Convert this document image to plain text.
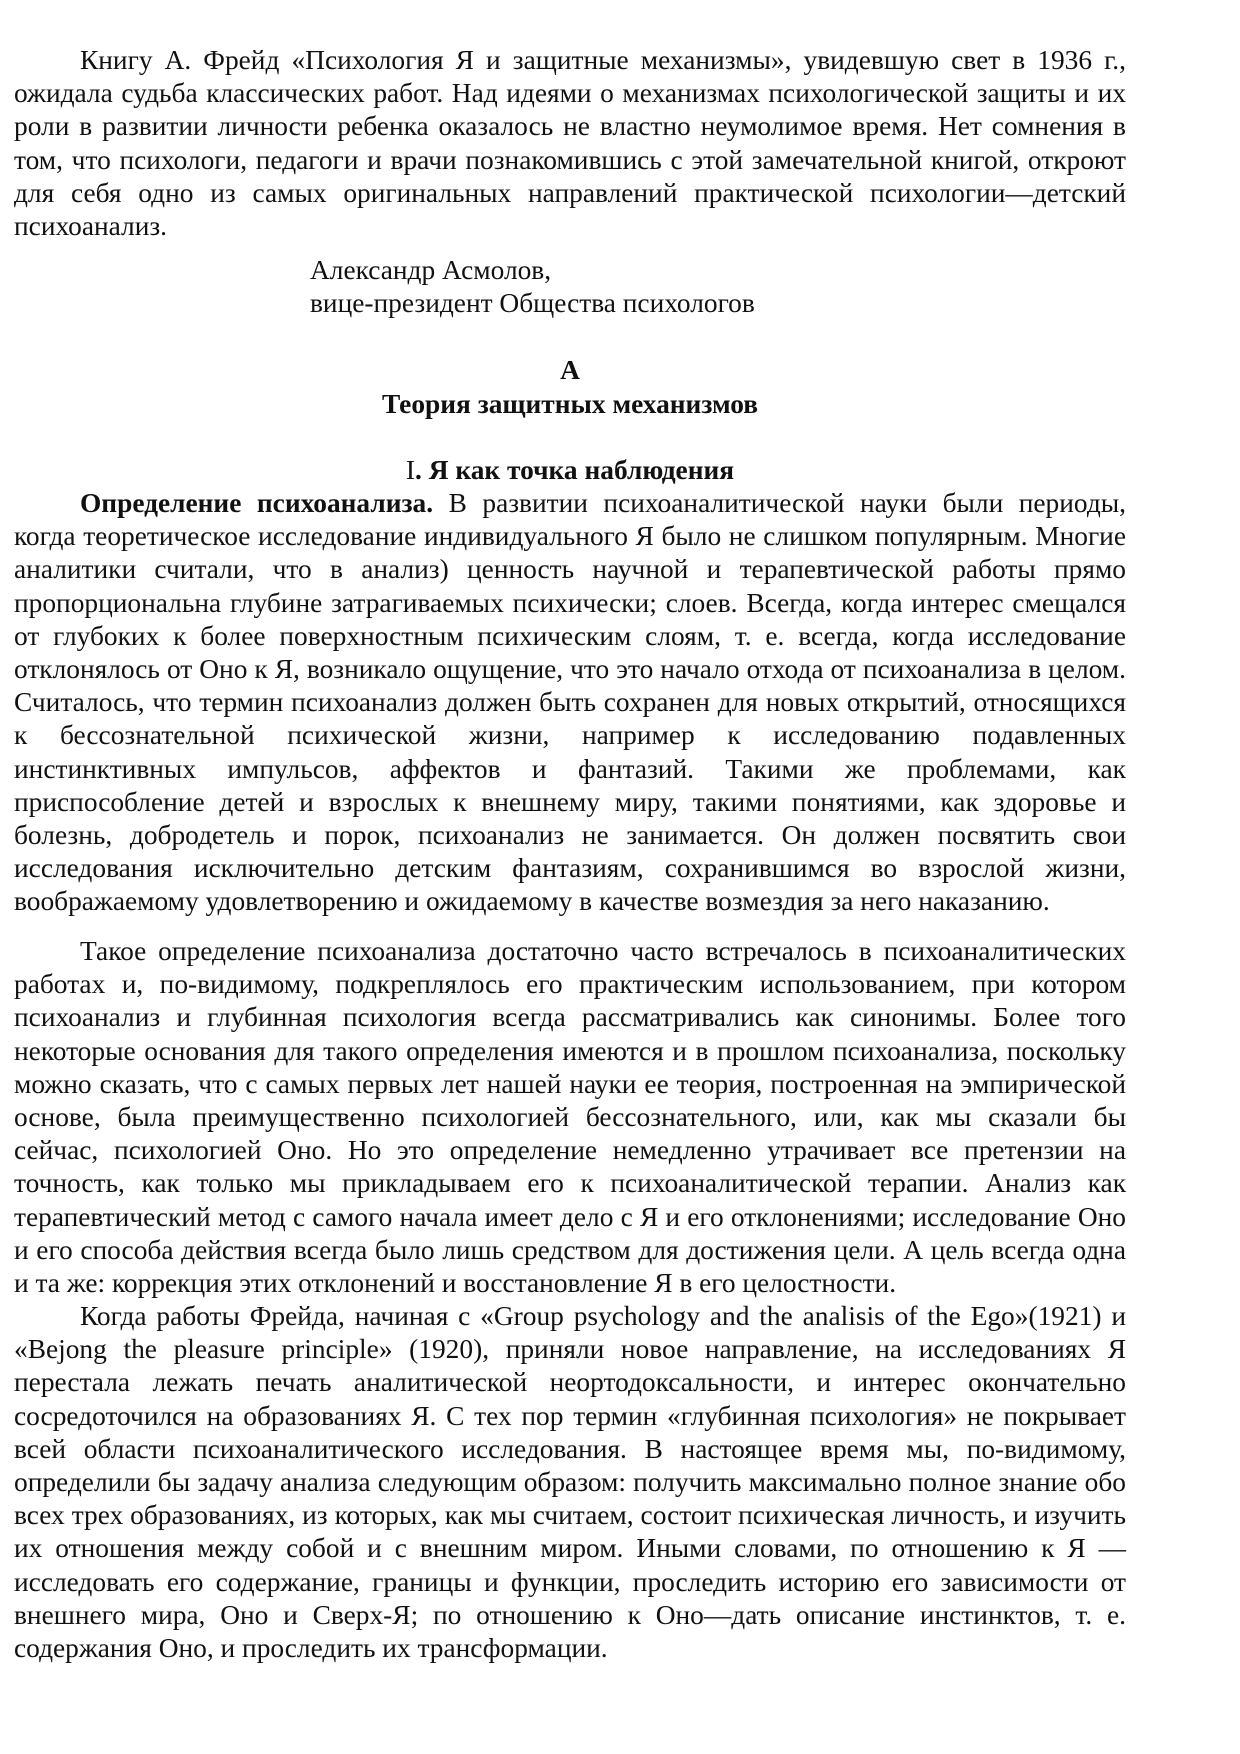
Книгу А. Фрейд «Психология Я и защитные механизмы», увидевшую свет в 1936 г., ожидала судьба классических работ. Над идеями о механизмах психологической защиты и их роли в развитии личности ребенка оказалось не властно неумолимое время. Нет сомнения в том, что психологи, педагоги и врачи познакомившись с этой замечательной книгой, откроют для себя одно из самых оригинальных направлений практической психологии—детский психоанализ.

Александр Асмолов,
вице-президент Общества психологов
А
Теория защитных механизмов
I. Я как точка наблюдения

Определение психоанализа. В развитии психоаналитической науки были периоды, когда теоретическое исследование индивидуального Я было не слишком популярным. Многие аналитики считали, что в анализ) ценность научной и терапевтической работы прямо пропорциональна глубине затрагиваемых психически; слоев. Всегда, когда интерес смещался от глубоких к более поверхностным психическим слоям, т. е. всегда, когда исследование отклонялось от Оно к Я, возникало ощущение, что это начало отхода от психоанализа в целом. Считалось, что термин психоанализ должен быть сохранен для новых открытий, относящихся к бессознательной психической жизни, например к исследованию подавленных инстинктивных импульсов, аффектов и фантазий. Такими же проблемами, как приспособление детей и взрослых к внешнему миру, такими понятиями, как здоровье и болезнь, добродетель и порок, психоанализ не занимается. Он должен посвятить свои исследования исключительно детским фантазиям, сохранившимся во взрослой жизни, воображаемому удовлетворению и ожидаемому в качестве возмездия за него наказанию.

Такое определение психоанализа достаточно часто встречалось в психоаналитических работах и, по-видимому, подкреплялось его практическим использованием, при котором психоанализ и глубинная психология всегда рассматривались как синонимы. Более того некоторые основания для такого определения имеются и в прошлом психоанализа, поскольку можно сказать, что с самых первых лет нашей науки ее теория, построенная на эмпирической основе, была преимущественно психологией бессознательного, или, как мы сказали бы сейчас, психологией Оно. Но это определение немедленно утрачивает все претензии на точность, как только мы прикладываем его к психоаналитической терапии. Анализ как терапевтический метод с самого начала имеет дело с Я и его отклонениями; исследование Оно и его способа действия всегда было лишь средством для достижения цели. А цель всегда одна и та же: коррекция этих отклонений и восстановление Я в его целостности.

Когда работы Фрейда, начиная с «Group psychology and the analisis of the Ego»(1921) и «Bejong the pleasure principle» (1920), приняли новое направление, на исследованиях Я перестала лежать печать аналитической неортодоксальности, и интерес окончательно сосредоточился на образованиях Я. С тех пор термин «глубинная психология» не покрывает всей области психоаналитического исследования. В настоящее время мы, по-видимому, определили бы задачу анализа следующим образом: получить максимально полное знание обо всех трех образованиях, из которых, как мы считаем, состоит психическая личность, и изучить их отношения между собой и с внешним миром. Иными словами, по отношению к Я — исследовать его содержание, границы и функции, проследить историю его зависимости от внешнего мира, Оно и Сверх-Я; по отношению к Оно—дать описание инстинктов, т. е. содержания Оно, и проследить их трансформации.
